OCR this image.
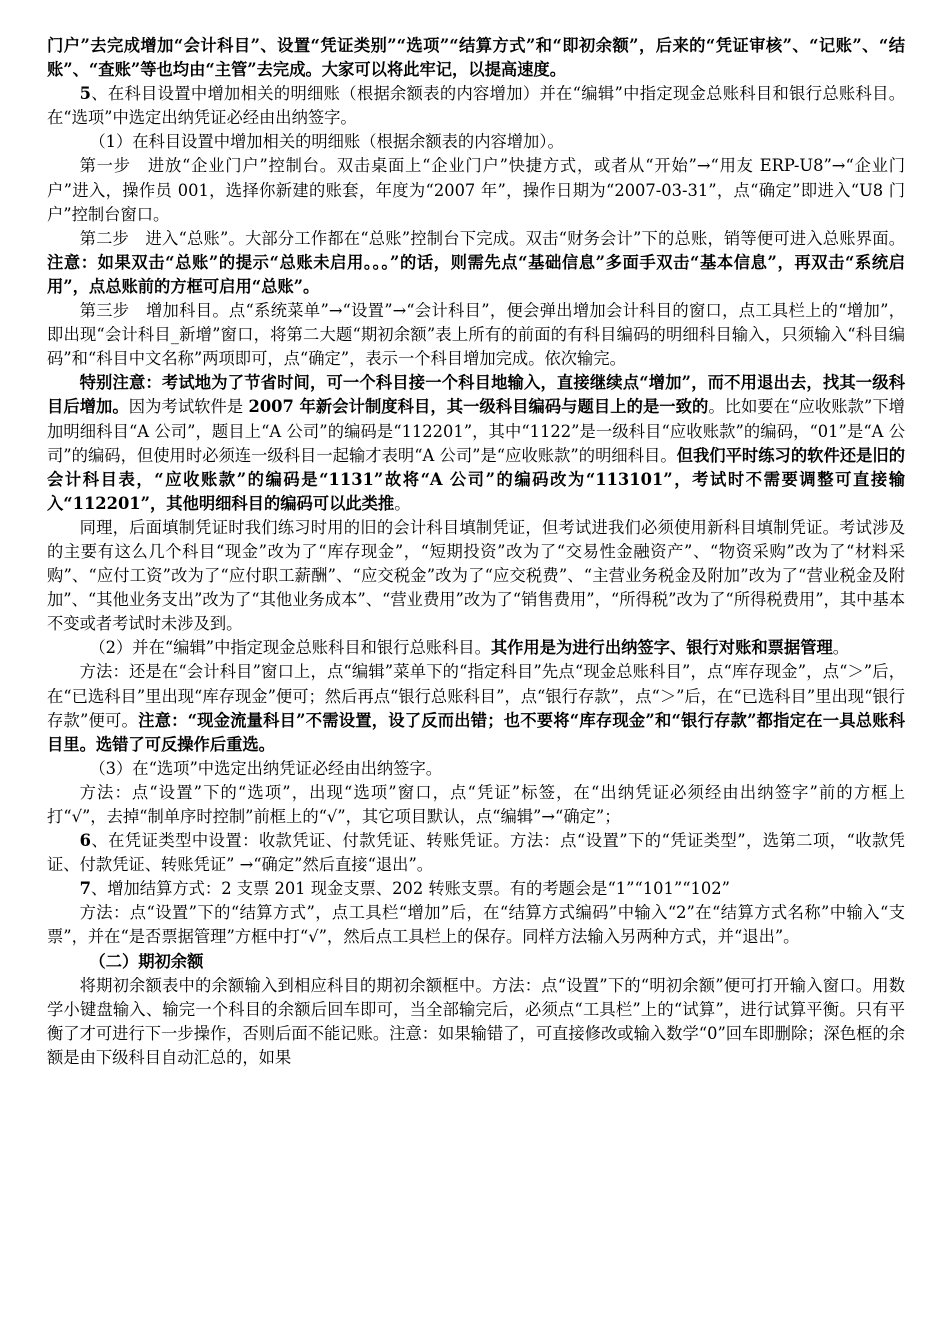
门户”去完成增加“会计科目”、设置“凭证类别”“选项”“结算方式”和“即初余额”，后来的“凭证审核”、“记账”、“结账”、“查账”等也均由“主管”去完成。大家可以将此牢记，以提高速度。

5、在科目设置中增加相关的明细账（根据余额表的内容增加）并在“编辑”中指定现金总账科目和银行总账科目。在“选项”中选定出纳凭证必经由出纳签字。

（1）在科目设置中增加相关的明细账（根据余额表的内容增加）。

第一步　进放“企业门户”控制台。双击桌面上“企业门户”快捷方式，或者从“开始”→“用友 ERP-U8”→“企业门户”进入，操作员 001，选择你新建的账套，年度为“2007 年”，操作日期为“2007-03-31”，点“确定”即进入“U8 门户”控制台窗口。

第二步　进入“总账”。大部分工作都在“总账”控制台下完成。双击“财务会计”下的总账，销等便可进入总账界面。注意：如果双击“总账”的提示“总账未启用。。。”的话，则需先点“基础信息”多面手双击“基本信息”，再双击“系统启用”，点总账前的方框可启用“总账”。

第三步　增加科目。点“系统菜单”→“设置”→“会计科目”，便会弹出增加会计科目的窗口，点工具栏上的“增加”，即出现“会计科目_新增”窗口，将第二大题“期初余额”表上所有的前面的有科目编码的明细科目输入，只须输入“科目编码”和“科目中文名称”两项即可，点“确定”，表示一个科目增加完成。依次输完。

特别注意：考试地为了节省时间，可一个科目接一个科目地输入，直接继续点“增加”，而不用退出去，找其一级科目后增加。因为考试软件是 2007 年新会计制度科目，其一级科目编码与题目上的是一致的。比如要在“应收账款”下增加明细科目“A 公司”，题目上“A 公司”的编码是“112201”，其中“1122”是一级科目“应收账款”的编码，“01”是“A 公司”的编码，但使用时必须连一级科目一起输才表明“A 公司”是“应收账款”的明细科目。但我们平时练习的软件还是旧的会计科目表，“应收账款”的编码是“1131”故将“A 公司”的编码改为“113101”，考试时不需要调整可直接输入“112201”，其他明细科目的编码可以此类推。

同理，后面填制凭证时我们练习时用的旧的会计科目填制凭证，但考试进我们必须使用新科目填制凭证。考试涉及的主要有这么几个科目“现金”改为了“库存现金”，“短期投资”改为了“交易性金融资产”、“物资采购”改为了“材料采购”、“应付工资”改为了“应付职工薪酬”、“应交税金”改为了“应交税费”、“主营业务税金及附加”改为了“营业税金及附加”、“其他业务支出”改为了“其他业务成本”、“营业费用”改为了“销售费用”，“所得税”改为了“所得税费用”，其中基本不变或者考试时未涉及到。

（2）并在“编辑”中指定现金总账科目和银行总账科目。其作用是为进行出纳签字、银行对账和票据管理。

方法：还是在“会计科目”窗口上，点“编辑”菜单下的“指定科目”先点“现金总账科目”，点“库存现金”，点“＞”后，在“已选科目”里出现“库存现金”便可；然后再点“银行总账科目”，点“银行存款”，点“＞”后，在“已选科目”里出现“银行存款”便可。注意：“现金流量科目”不需设置，设了反而出错；也不要将“库存现金”和“银行存款”都指定在一具总账科目里。选错了可反操作后重选。

（3）在“选项”中选定出纳凭证必经由出纳签字。

方法：点“设置”下的“选项”，出现“选项”窗口，点“凭证”标签，在“出纳凭证必须经由出纳签字”前的方框上打“√”，去掉“制单序时控制”前框上的“√”，其它项目默认，点“编辑”→“确定”；

6、在凭证类型中设置：收款凭证、付款凭证、转账凭证。方法：点“设置”下的“凭证类型”，选第二项，“收款凭证、付款凭证、转账凭证” →“确定”然后直接“退出”。

7、增加结算方式：2 支票 201 现金支票、202 转账支票。有的考题会是“1”“101”“102”

方法：点“设置”下的“结算方式”，点工具栏“增加”后，在“结算方式编码”中输入“2”在“结算方式名称”中输入“支票”，并在“是否票据管理”方框中打“√”，然后点工具栏上的保存。同样方法输入另两种方式，并“退出”。

（二）期初余额

将期初余额表中的余额输入到相应科目的期初余额框中。方法：点“设置”下的“明初余额”便可打开输入窗口。用数学小键盘输入、输完一个科目的余额后回车即可，当全部输完后，必须点“工具栏”上的“试算”，进行试算平衡。只有平衡了才可进行下一步操作，否则后面不能记账。注意：如果输错了，可直接修改或输入数学“0”回车即删除；深色框的余额是由下级科目自动汇总的，如果
